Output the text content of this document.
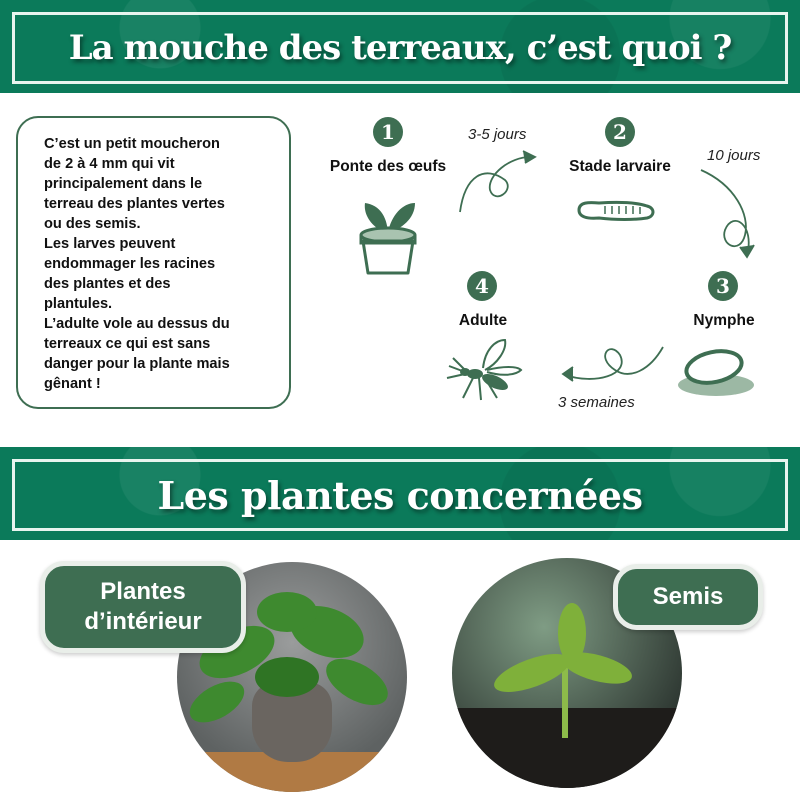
La mouche des terreaux, c’est quoi ?
C’est un petit moucheron
de 2 à 4 mm qui vit
principalement dans le
terreau des plantes vertes
ou des semis.
Les larves peuvent
endommager les racines
des plantes et des
plantules.
L’adulte vole au dessus du
terreaux ce qui est sans
danger pour la plante mais
gênant !
1
Ponte des œufs
2
Stade larvaire
3
Nymphe
4
Adulte
3-5 jours
10 jours
3 semaines
Les plantes concernées
Plantes
d’intérieur
Semis
